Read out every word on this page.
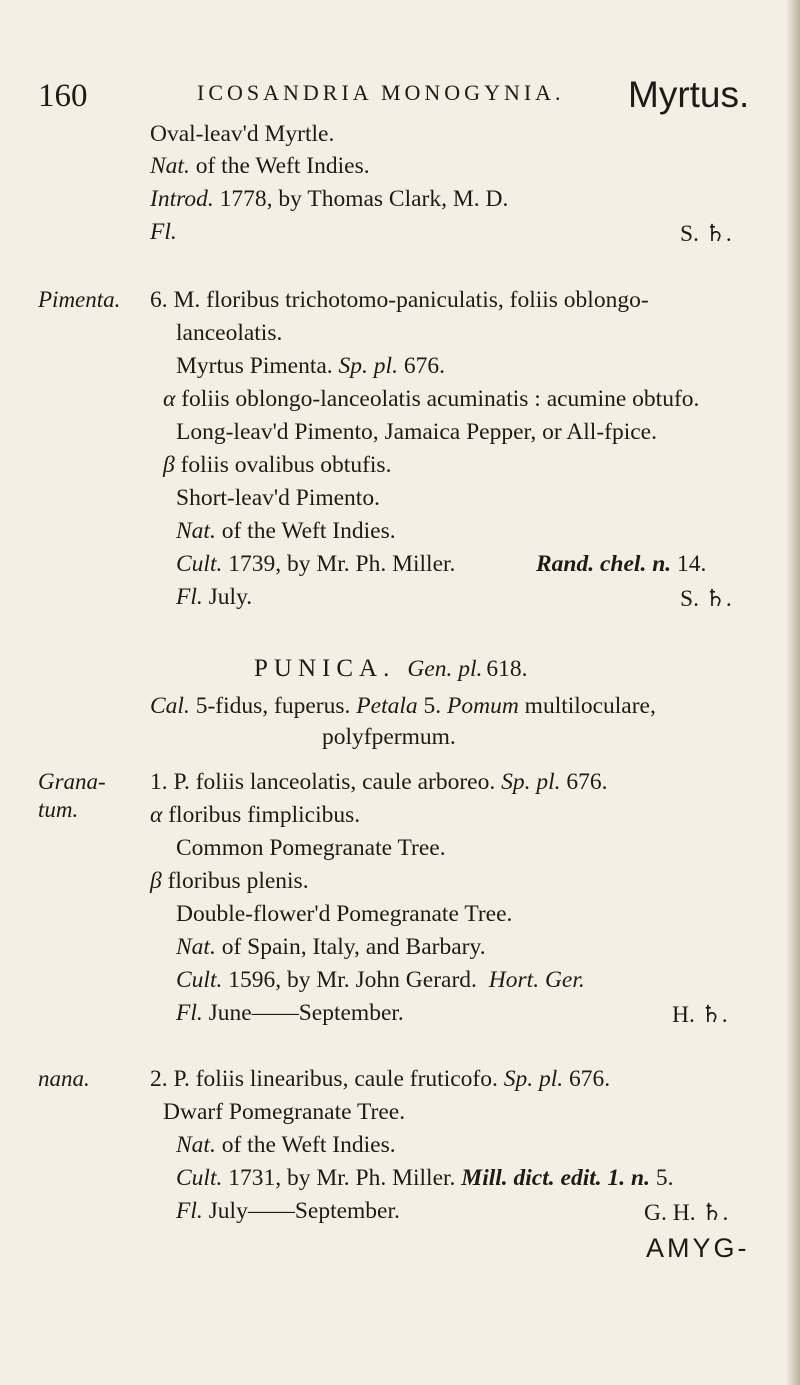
160	ICOSANDRIA MONOGYNIA. Myrtus.
Oval-leav'd Myrtle.
Nat. of the Weft Indies.
Introd. 1778, by Thomas Clark, M. D.
Fl.	S. ♄.
Pimenta. 6. M. floribus trichotomo-paniculatis, foliis oblongo-
lanceolatis.
Myrtus Pimenta. Sp. pl. 676.
α foliis oblongo-lanceolatis acuminatis : acumine obtufo.
Long-leav'd Pimento, Jamaica Pepper, or All-fpice.
β foliis ovalibus obtufis.
Short-leav'd Pimento.
Nat. of the Weft Indies.
Cult. 1739, by Mr. Ph. Miller.	Rand. chel. n. 14.
Fl. July.	S. ♄.
PUNICA. Gen. pl. 618.
Cal. 5-fidus, fuperus. Petala 5. Pomum multiloculare,
polyfpermum.
Grana-
tum.
1. P. foliis lanceolatis, caule arboreo. Sp. pl. 676.
α floribus fimplicibus.
Common Pomegranate Tree.
β floribus plenis.
Double-flower'd Pomegranate Tree.
Nat. of Spain, Italy, and Barbary.
Cult. 1596, by Mr. John Gerard. Hort. Ger.
Fl. June——September.	H. ♄.
nana.	2. P. foliis linearibus, caule fruticofo. Sp. pl. 676.
Dwarf Pomegranate Tree.
Nat. of the Weft Indies.
Cult. 1731, by Mr. Ph. Miller. Mill. dict. edit. 1. n. 5.
Fl. July——September.	G. H. ♄.
AMYG-
